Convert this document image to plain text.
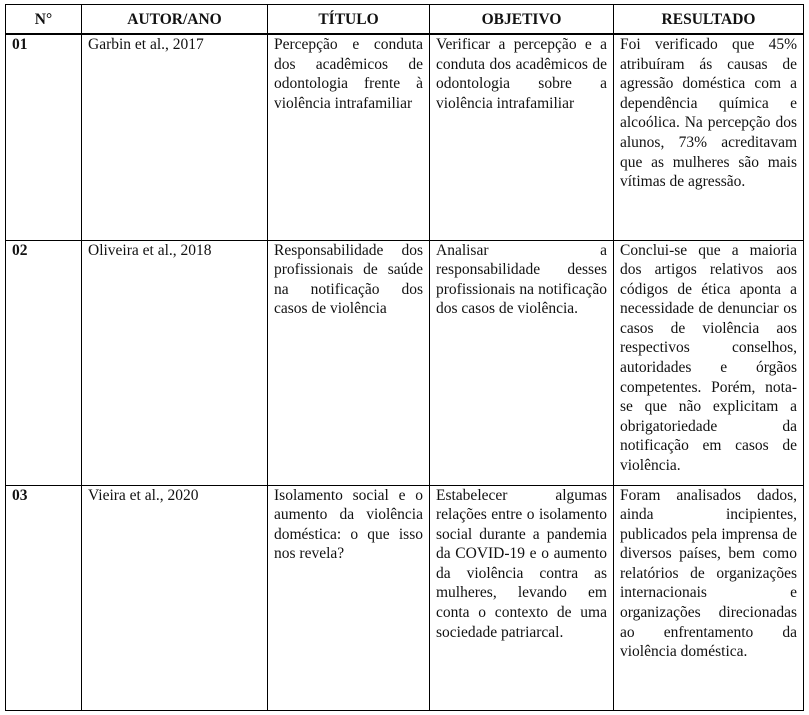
N°	AUTOR/ANO	TÍTULO	OBJETIVO	RESULTADO
01	Garbin et al., 2017	Percepção e conduta dos acadêmicos de odontologia frente à violência intrafamiliar	Verificar a percepção e a conduta dos acadêmicos de odontologia sobre a violência intrafamiliar	Foi verificado que 45% atribuíram ás causas de agressão doméstica com a dependência química e alcoólica. Na percepção dos alunos, 73% acreditavam que as mulheres são mais vítimas de agressão.
02	Oliveira et al., 2018	Responsabilidade dos profissionais de saúde na notificação dos casos de violência	Analisar a responsabilidade desses profissionais na notificação dos casos de violência.	Conclui-se que a maioria dos artigos relativos aos códigos de ética aponta a necessidade de denunciar os casos de violência aos respectivos conselhos, autoridades e órgãos competentes. Porém, nota-se que não explicitam a obrigatoriedade da notificação em casos de violência.
03	Vieira et al., 2020	Isolamento social e o aumento da violência doméstica: o que isso nos revela?	Estabelecer algumas relações entre o isolamento social durante a pandemia da COVID-19 e o aumento da violência contra as mulheres, levando em conta o contexto de uma sociedade patriarcal.	Foram analisados dados, ainda incipientes, publicados pela imprensa de diversos países, bem como relatórios de organizações internacionais e organizações direcionadas ao enfrentamento da violência doméstica.
